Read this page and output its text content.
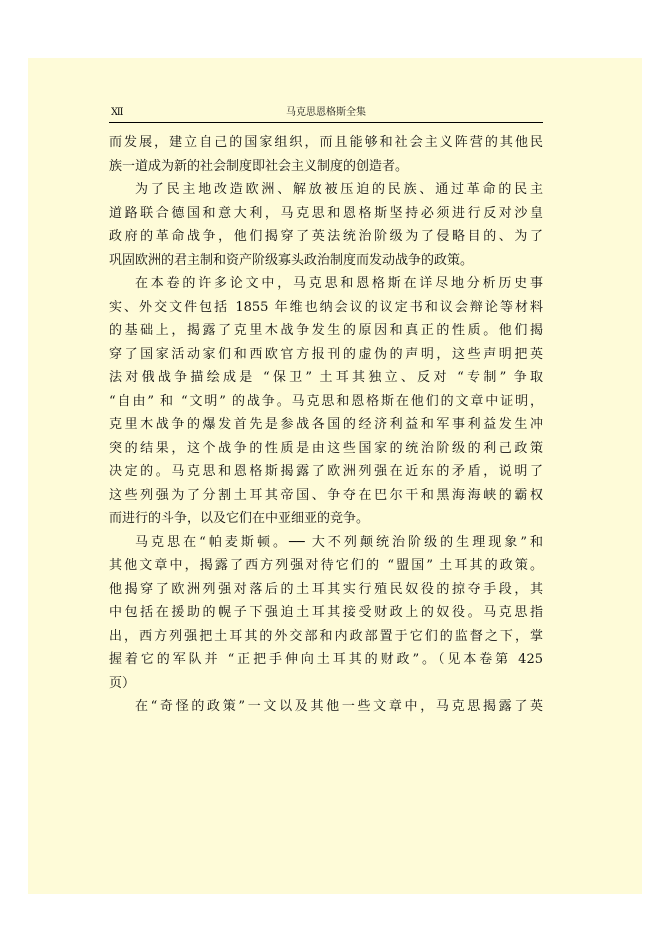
Ⅻ	马克思恩格斯全集
而发展，建立自己的国家组织，而且能够和社会主义阵营的其他民
族一道成为新的社会制度即社会主义制度的创造者。
为了民主地改造欧洲、解放被压迫的民族、通过革命的民主
道路联合德国和意大利，马克思和恩格斯坚持必须进行反对沙皇
政府的革命战争，他们揭穿了英法统治阶级为了侵略目的、为了
巩固欧洲的君主制和资产阶级寡头政治制度而发动战争的政策。
在本卷的许多论文中，马克思和恩格斯在详尽地分析历史事
实、外交文件包括 1855 年维也纳会议的议定书和议会辩论等材料
的基础上，揭露了克里木战争发生的原因和真正的性质。他们揭
穿了国家活动家们和西欧官方报刊的虚伪的声明，这些声明把英
法对俄战争描绘成是 “保卫” 土耳其独立、反对 “专制” 争取
“自由” 和 “文明” 的战争。马克思和恩格斯在他们的文章中证明，
克里木战争的爆发首先是参战各国的经济利益和军事利益发生冲
突的结果，这个战争的性质是由这些国家的统治阶级的利己政策
决定的。马克思和恩格斯揭露了欧洲列强在近东的矛盾，说明了
这些列强为了分割土耳其帝国、争夺在巴尔干和黑海海峡的霸权
而进行的斗争，以及它们在中亚细亚的竞争。
马克思在“帕麦斯顿。── 大不列颠统治阶级的生理现象”和
其他文章中，揭露了西方列强对待它们的 “盟国” 土耳其的政策。
他揭穿了欧洲列强对落后的土耳其实行殖民奴役的掠夺手段，其
中包括在援助的幌子下强迫土耳其接受财政上的奴役。马克思指
出，西方列强把土耳其的外交部和内政部置于它们的监督之下，掌
握着它的军队并 “正把手伸向土耳其的财政”。（见本卷第 425
页）
在“奇怪的政策”一文以及其他一些文章中，马克思揭露了英
